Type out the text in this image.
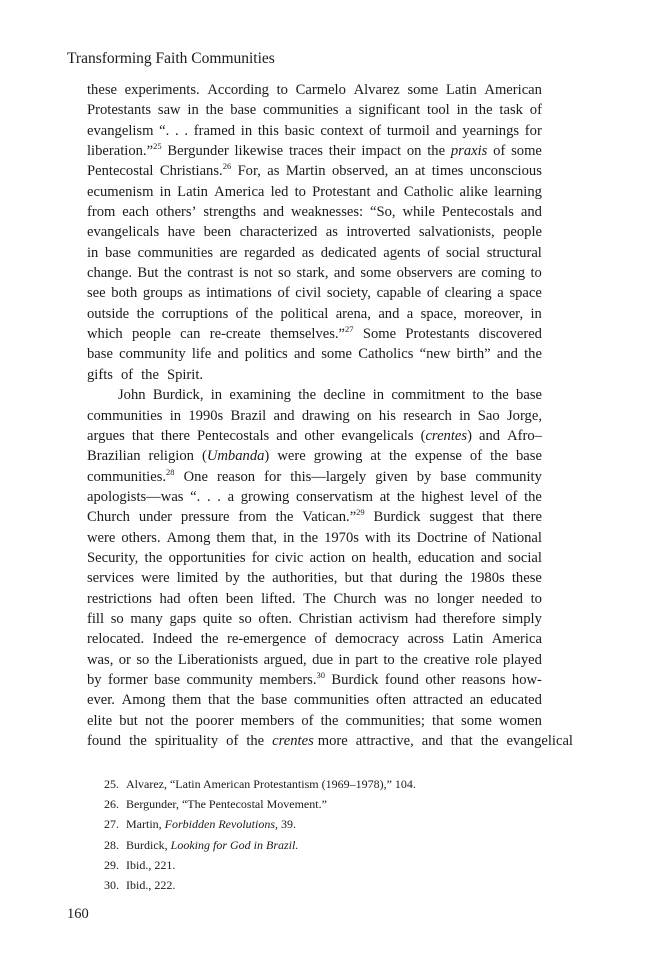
Transforming Faith Communities
these experiments. According to Carmelo Alvarez some Latin American
Protestants saw in the base communities a significant tool in the task of
evangelism “. . . framed in this basic context of turmoil and yearnings for
liberation.”$^{25}$ Bergunder likewise traces their impact on the praxis of some
Pentecostal Christians.$^{26}$ For, as Martin observed, an at times unconscious
ecumenism in Latin America led to Protestant and Catholic alike learning
from each others’ strengths and weaknesses: “So, while Pentecostals and
evangelicals have been characterized as introverted salvationists, people
in base communities are regarded as dedicated agents of social structural
change. But the contrast is not so stark, and some observers are coming to
see both groups as intimations of civil society, capable of clearing a space
outside the corruptions of the political arena, and a space, moreover, in
which people can re-create themselves.”$^{27}$ Some Protestants discovered
base community life and politics and some Catholics “new birth” and the
gifts of the Spirit.
John Burdick, in examining the decline in commitment to the base
communities in 1990s Brazil and drawing on his research in Sao Jorge,
argues that there Pentecostals and other evangelicals (crentes) and Afro–
Brazilian religion (Umbanda) were growing at the expense of the base
communities.$^{28}$ One reason for this—largely given by base community
apologists—was “. . . a growing conservatism at the highest level of the
Church under pressure from the Vatican.”$^{29}$ Burdick suggest that there
were others. Among them that, in the 1970s with its Doctrine of National
Security, the opportunities for civic action on health, education and social
services were limited by the authorities, but that during the 1980s these
restrictions had often been lifted. The Church was no longer needed to
fill so many gaps quite so often. Christian activism had therefore simply
relocated. Indeed the re-emergence of democracy across Latin America
was, or so the Liberationists argued, due in part to the creative role played
by former base community members.$^{30}$ Burdick found other reasons how-
ever. Among them that the base communities often attracted an educated
elite but not the poorer members of the communities; that some women
found the spirituality of the crentes more attractive, and that the evangelical
25. Alvarez, “Latin American Protestantism (1969–1978),” 104.
26. Bergunder, “The Pentecostal Movement.”
27. Martin, Forbidden Revolutions, 39.
28. Burdick, Looking for God in Brazil.
29. Ibid., 221.
30. Ibid., 222.
160
